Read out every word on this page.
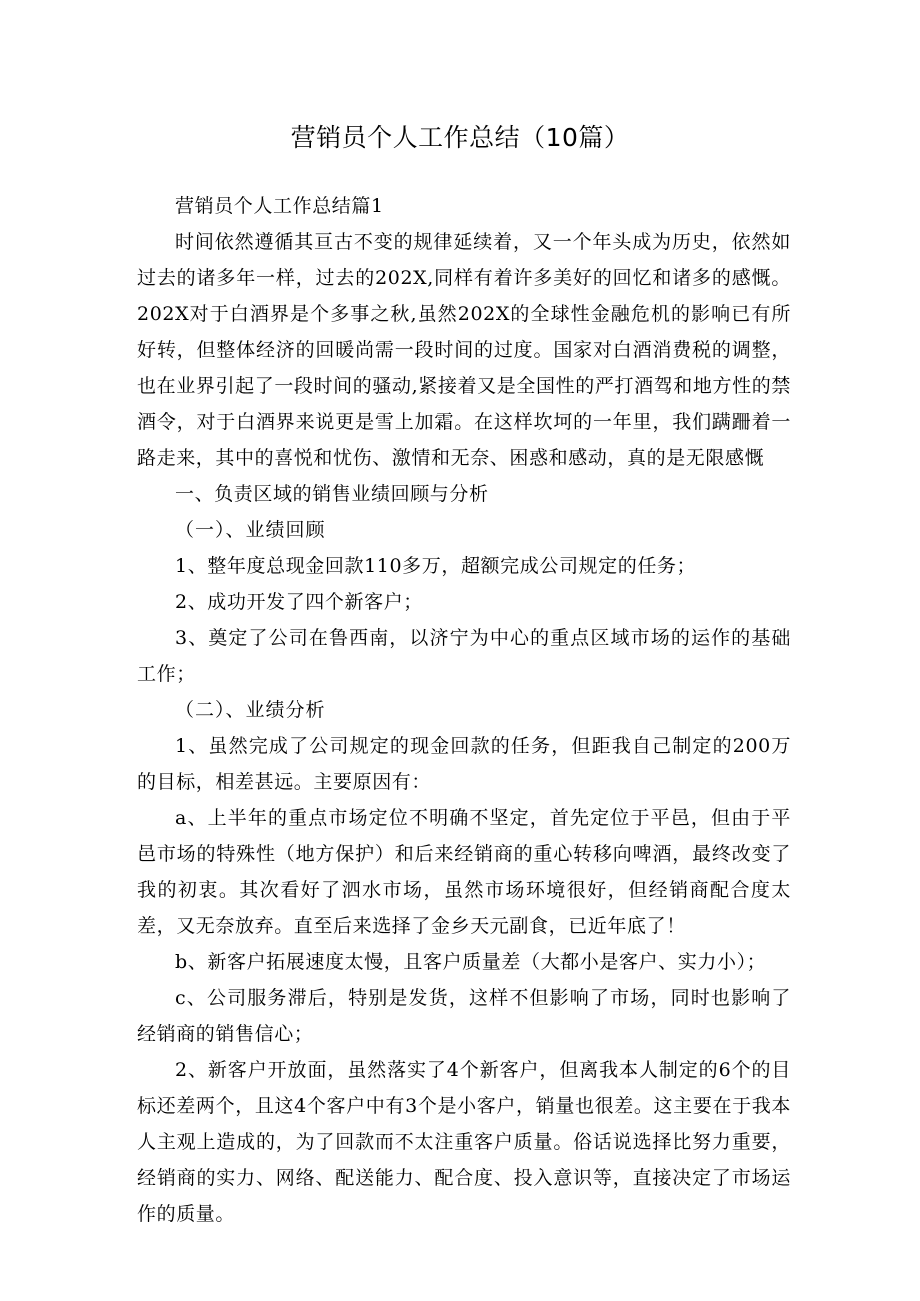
营销员个人工作总结（10篇）

营销员个人工作总结篇1

时间依然遵循其亘古不变的规律延续着，又一个年头成为历史，依然如过去的诸多年一样，过去的202X,同样有着许多美好的回忆和诸多的感慨。202X对于白酒界是个多事之秋,虽然202X的全球性金融危机的影响已有所好转，但整体经济的回暖尚需一段时间的过度。国家对白酒消费税的调整，也在业界引起了一段时间的骚动,紧接着又是全国性的严打酒驾和地方性的禁酒令，对于白酒界来说更是雪上加霜。在这样坎坷的一年里，我们蹒跚着一路走来，其中的喜悦和忧伤、激情和无奈、困惑和感动，真的是无限感慨

一、负责区域的销售业绩回顾与分析

（一）、业绩回顾

1、整年度总现金回款110多万，超额完成公司规定的任务；

2、成功开发了四个新客户；

3、奠定了公司在鲁西南，以济宁为中心的重点区域市场的运作的基础工作；

（二）、业绩分析

1、虽然完成了公司规定的现金回款的任务，但距我自己制定的200万的目标，相差甚远。主要原因有：

a、上半年的重点市场定位不明确不坚定，首先定位于平邑，但由于平邑市场的特殊性（地方保护）和后来经销商的重心转移向啤酒，最终改变了我的初衷。其次看好了泗水市场，虽然市场环境很好，但经销商配合度太差，又无奈放弃。直至后来选择了金乡天元副食，已近年底了！

b、新客户拓展速度太慢，且客户质量差（大都小是客户、实力小）；

c、公司服务滞后，特别是发货，这样不但影响了市场，同时也影响了经销商的销售信心；

2、新客户开放面，虽然落实了4个新客户，但离我本人制定的6个的目标还差两个，且这4个客户中有3个是小客户，销量也很差。这主要在于我本人主观上造成的，为了回款而不太注重客户质量。俗话说选择比努力重要，经销商的实力、网络、配送能力、配合度、投入意识等，直接决定了市场运作的质量。
